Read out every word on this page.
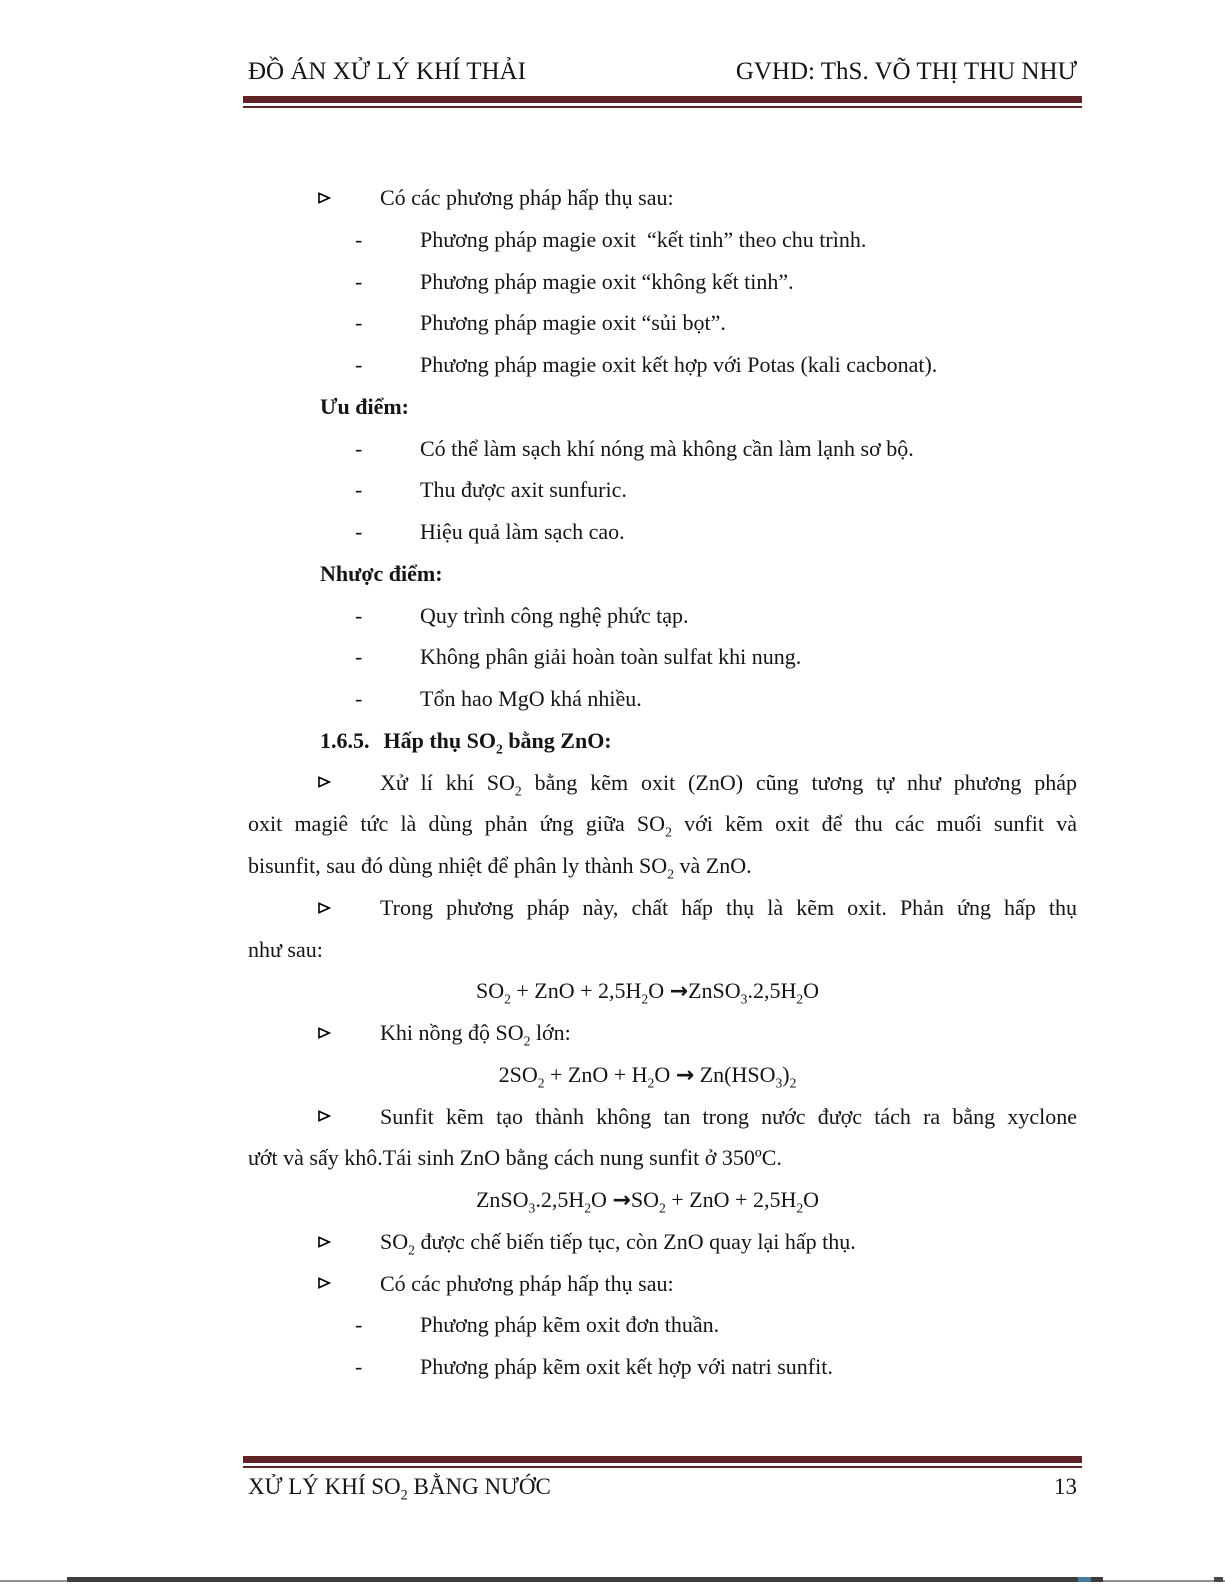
ĐỒ ÁN XỬ LÝ KHÍ THẢI	GVHD: ThS. VÕ THỊ THU NHƯ
Có các phương pháp hấp thụ sau:
-	Phương pháp magie oxit  “kết tinh” theo chu trình.
-	Phương pháp magie oxit “không kết tinh”.
-	Phương pháp magie oxit “sủi bọt”.
-	Phương pháp magie oxit kết hợp với Potas (kali cacbonat).
Ưu điểm:
-	Có thể làm sạch khí nóng mà không cần làm lạnh sơ bộ.
-	Thu được axit sunfuric.
-	Hiệu quả làm sạch cao.
Nhược điểm:
-	Quy trình công nghệ phức tạp.
-	Không phân giải hoàn toàn sulfat khi nung.
-	Tổn hao MgO khá nhiều.
1.6.5. Hấp thụ $SO_2$ bằng ZnO:
Xử lí khí $SO_2$ bằng kẽm oxit (ZnO) cũng tương tự như phương pháp
oxit magiê tức là dùng phản ứng giữa $SO_2$ với kẽm oxit để thu các muối sunfit và
bisunfit, sau đó dùng nhiệt để phân ly thành $SO_2$ và ZnO.
Trong phương pháp này, chất hấp thụ là kẽm oxit. Phản ứng hấp thụ
như sau:
$SO_2$ + ZnO + $2,5H_2O$ $\to ZnSO_3.2,5H_2O$
Khi nồng độ $SO_2$ lớn:
$2SO_2$ + ZnO + $H_2O \to Zn(HSO_3)_2$
Sunfit kẽm tạo thành không tan trong nước được tách ra bằng xyclone
ướt và sấy khô.Tái sinh ZnO bằng cách nung sunfit ở 350ºC.
$ZnSO_3.2,5H_2O \to SO_2$ + ZnO + $2,5H_2O$
$SO_2$ được chế biến tiếp tục, còn ZnO quay lại hấp thụ.
Có các phương pháp hấp thụ sau:
-	Phương pháp kẽm oxit đơn thuần.
-	Phương pháp kẽm oxit kết hợp với natri sunfit.
XỬ LÝ KHÍ $SO_2$ BẰNG NƯỚC	13
